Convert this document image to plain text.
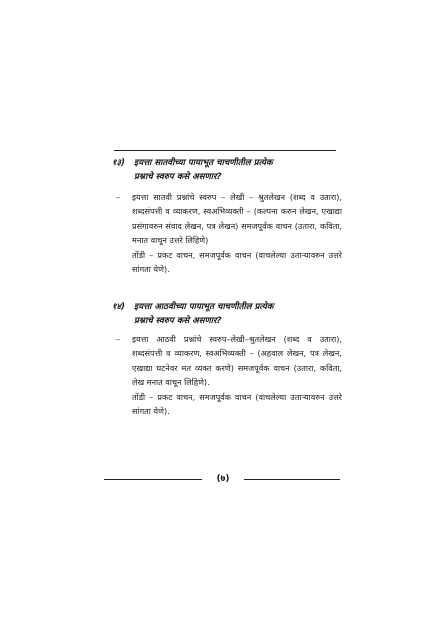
१३) इयत्ता सातवीच्या पायाभूत चाचणीतील प्रत्येक
प्रश्नाचे स्वरुप कसे असणार?
– इयत्ता सातवी प्रश्नांचे स्वरुप – लेखी – श्रुतलेखन (शब्द व उतारा), शब्दसंपत्ती व व्याकरण, स्वअभिव्यक्ती – (कल्पना करुन लेखन, एखाद्या प्रसंगावरुन संवाद लेखन, पत्र लेखन) समजपूर्वक वाचन (उतारा, कविता, मनात वाचून उत्तरे लिहिणे)

तोंडी – प्रकट वाचन, समजपूर्वक वाचन (वाचलेल्या उताऱ्यावरुन उत्तरे सांगता येणे).

१४) इयत्ता आठवीच्या पायाभूत चाचणीतील प्रत्येक
प्रश्नाचे स्वरुप कसे असणार?
– इयत्ता आठवी प्रश्नांचे स्वरुप–लेखी–श्रुतलेखन (शब्द व उतारा), शब्दसंपत्ती व व्याकरण, स्वअभिव्यक्ती – (अहवाल लेखन, पत्र लेखन, एखाद्या घटनेवर मत व्यक्त करणे) समजपूर्वक वाचन (उतारा, कविता, लेख मनात वाचून लिहिणे).

तोंडी – प्रकट वाचन, समजपूर्वक वाचन (वाचलेल्या उताऱ्यावरुन उत्तरे सांगता येणे).

(७)
